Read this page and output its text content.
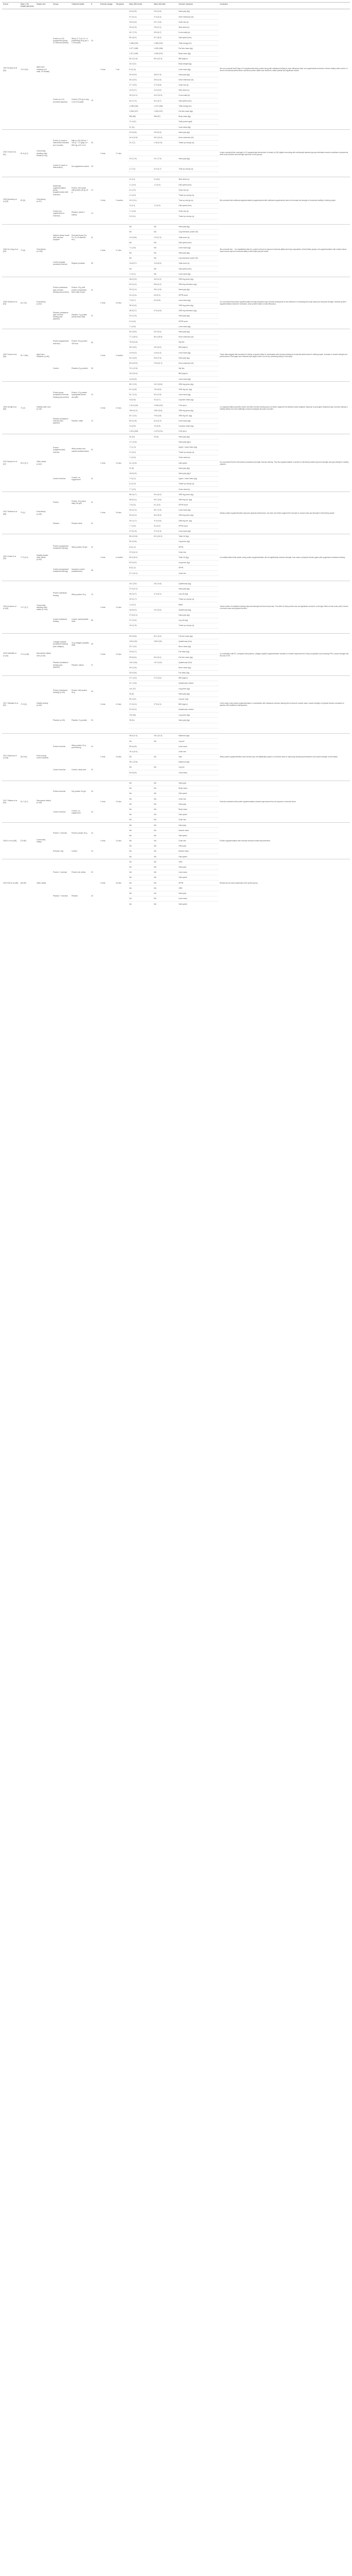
Source	Mean ± SD (range) age (year)	Sample size	Groups	Treatment details	N	Exercise dosage	Timepoints	Mean (SD) before	Mean (SD) after	Outcome measures	Conclusion
1997 Armsey et al. [50]	70.2 (3.6)	Aged care residents (19 male, 32 female)	Protein (n=13) (supplement group, 12 received protein)	Whey (7-7) to 1.0 x 2 protein/day 80 g (as 4 1.00 kcal/d)	15	3 x/wk	1 wk	34.6 (3.8)	34.9 (3.6)	Hand grip (kg)	We can conclude that 8 days of 3 supplemental whey protein along with resistance training is more efficacious than non-supplemented exercise in these healthy older women. In terms of functional performance outcomes protein intake was needed to obtain optimal and significant results.
								27.3 (4.1)	27.8 (4.4)	Knee extension (N)	
								29.6 (3.3)	29.7 (3.5)	Chair rise (s)	
								15.0 (1.5)	15.9 (2.1)	Stair climb (s)	
								40.7 (7.9)	39.9 (6.7)	6-min walk (m)	
								55.4 (8.1)	57.4 (8.3)	Gait speed (m/s)	
								1,366 (193)	1,380 (210)	Total energy (kJ)	
								1,577 (188)	1,592 (168)	Fat free mass (kg)	
								1,071 (189)	1,090 (201)	Body mass (kg)	
								80.4 (11.5)	80.4 (12.3)	BMI (kg/m²)	
								40.2 (12)		Body weight (kg)	
								6.9 (1.8)		Lean mass (kg)	
			Control (n=12) (received placebo)	Control (700 g) on day 3 (10 10 kcal/d)	15			29.9 (9.0)	28.8 (7.6)	Hand grip (kg)	
								26.2 (6.3)	25.6 (4.9)	Knee extension (N)	
								27.7 (5.3)	27.9 (5.8)	Chair rise (s)	
								13.3 (3.7)	13.0 (3.0)	Stair climb (s)	
								40.9 (12.1)	42.0 (10.2)	6-min walk (m)	
								52.2 (7.0)	52.4 (6.7)	Gait speed (m/s)	
								1,186 (196)	1,197 (186)	Total energy (kJ)	
								1,526 (157)	1,525 (157)	Fat free mass (kg)	
								985 (88)	983 (87)	Body mass (kg)	
								71.4 (41)		Total protein (g/d)	
								21 (11)		Lean mass (kg)	
2002 Chinn et al. [51]	81.6 (4.2)	Community-dwelling older female (n=66)	Protein (1 week of intervention followed by 6 months)	Milk (n=33) 400 mL + 100 g + 1.0 g/kg Ca + 800 mg vit D 3 x/d	33	3 x/wk	17 wks	16.9 (5.6)	18.9 (6.3)	Hand grip (kg)	It was concluded that a strength of 12 supplemental intervention in female (n=33) eligible exercising with nutritionally balanced groups eliminates several constituent components while body functions and strength improved in both groups.
								44.0 (14.5)	46.3 (14.6)	Knee extension (N)	
								21.2 (7)	1.30 (0.21)	Timed up and go (s)	

			Control (1 week of intervention)	No supplement control	33			19.2 (7.6)	19.7 (7.9)	Hand grip (kg)	

								1.17 (2)	21.5 (4.7)	Time up and go (s)	

2003 Bonnefoy et al. [52]	83 (5)	Frail elderly (n=57)	Nutritional supplementation group (supplemented with exercise)	Protein: 400 kcal/d milk protein (45 g) 15 g	14	3 x/wk	9 months	11 (4.1)	11 (5.0)	Stair climb (s)	We conclude that nutritional supplementation (supplemented with nutritional supplements) does not increase the strength or functional mobility of elderly people.
								1.1 (0.3)	1.2 (0.4)	Gait speed (m/s)	
								6.1 (2.2)		Chair rise (s)	
								4.1 (3.0)		Timed up and go (s)	
								10.2 (3.1)		Time up and go (s)	
			Control (no supplement no exercise)	Placebo: (drink 0 kcal/d)	14			11 (4.1)	1.2 (0.3)	Gait speed (m/s)	
								7.1 (2.5)		Chair rise (s)	
								3.9 (3.1)		Timed up and go (s)	

2004 De Jong et al. [53]	79 (6)	Frail elderly (n=159)	Nutrient dense foods with exercise program	Enriched foods (Ca, Fe, Zn, B vitamins etc.)	41	2 x/wk	17 wks	NA	NA	Hand grip (kg)	We conclude that ... It is established that it is a safe food form to improve functional ability and body composition of frail elderly people, but supplementation with nutrient dense foods cannot improve functional ability of frail elderly people further.
								NA	NA	Leg extension power (W)	
								13.0 (8.8)	12.5 (7.9)	Total score (s)	
								NA	NA	Gait speed (m/s)	
								7.1 (2.5)	NA	Lean mass (kg)	
			Control (regular products) exercise	Regular products	39			NA	NA	Hand grip (kg)	
								NA	NA	Leg extension power (W)	
								13.8 (9.7)	12.8 (8.3)	Total score (s)	
								NA	NA	Gait speed (m/s)	
								7.2 (2.1)	NA	Lean mass (kg)	
2006 Tieland et al. [54]	[11-111]	Frail elderly (n=62)	Protein (resistance type exercise training plus protein)	Protein: 15 g milk protein concentrate twice daily 30 g/d	31	2 x/wk	24 wks	45.6 (3.9)	49.9 (4.2)	1RM leg press (kg)	It is concluded that protein supplementation during resistance type exercise training that is very effective in increasing lean body mass and muscular strength, whereas protein supplementation should be increased, since protein intake is most efficacious.
								54.3 (4.2)	58.6 (4.2)	1RM leg extension (kg)	
								25.3 (2.1)	28.1 (2.6)	Hand grip (kg)	
								10.4 (0.4)	8.8 (0.2)	SPPB score	
								7.6 (0.7)	8.9 (0.8)	Lean mass (kg)	
			Placebo (resistance type exercise training plus placebo)	Placebo: 0 g protein (drink) twice daily	31			38.3 (3.4)		1RM leg press (kg)	
								45.8 (3.7)	47.6 (4.8)	1RM leg extension (kg)	
								23.2 (1.9)		Hand grip (kg)	
								9.0 (0.5)		SPPB score	
								7.2 (0.6)		Lean mass (kg)	
2007 Dorner et al. [55]	81.7 (NA)	Aged care residents (n=56)	Protein (supplement, exercise)	Protein: 30 g protein 400 kcal	28	3 x/wk	3 months	53.2 (8.9)	54.3 (9.4)	Hand grip (kg)	These data suggest that increased 16 weeks of protein intake in combination with exercise training for functional performance in elderly people. Increase in muscle strength and performance in frail aged care residents with higher levels, but not by combining elderly in this study.
								77.2 (25.1)	80.4 (25.5)	Knee extension (N)	
								75.5 (14.6)		Hip flex	
								48.2 (8.4)	49.3 (8.2)	BMI (kg/m²)	
								14.9 (4.2)	14.5 (4.3)	Lean mass (kg)	
			Control	Placebo (0 g protein)	28			54.1 (6.9)	53.9 (7.6)	Hand grip (kg)	
								80.5 (23.0)	79.8 (22.7)	Knee extension (N)	
								70.1 (12.5)		Hip flex	
								43.9 (13.0)		BMI (kg/m²)	
								14.8 (4.6)		Lean mass (kg)	
2009 Verdijk et al. [56]	72 (2)	Healthy older men (n=26)	Protein group (resistance exercise training plus protein)	Protein: 10 g casein hydrolysate before and after	13	3 x/wk	12 wks	98.7 (3.9)	121.9 (5.8)	1RM leg press (kg)	Co-supplementation (protein) before and after exercise training does not further augment the skeletal muscle adaptive response to prolonged resistance type exercise training in healthy elderly men who habitually consume adequate amounts of protein.
								61.0 (3.8)	78.4 (5.5)	1RM leg ext. (kg)	
								61.7 (2.3)	62.0 (2.5)	Lean mass (kg)	
								4.8 (0.6)	5.0 (0.7)	Leg lean mass (kg)	
								1,013 (144)	1,006 (142)	CSA (cm²)	
			Placebo (resistance exercise plus placebo)	Placebo: water	13			105.6 (4.2)	128.0 (5.6)	1RM leg press (kg)	
								62.7 (3.2)	79.6 (3.8)	1RM leg ext. (kg)	
								60.9 (1.8)	61.8 (1.9)	Lean mass (kg)	
								4.6 (0.5)	4.9 (0.5)	Leg lean mass (kg)	
								1,014 (183)	1,073 (211)	CSA (cm²)	
2012 Bunout et al. [57]	69.2 (6.7)	Older adults (n=62)	Protein (supplemented) exercise	Whey protein and calcium fortified drinks	31	2 x/wk	12 wks	32 (10)	33 (9)	Hand grip (kg)	It is concluded that the intervention (resistance) strength exercise training. This has supplementation of protein in frail elderly adults improved strength and grip strength in healthy subjects.
								17.1 (4.6)		Hand grip (kg) 2	
								7.1 (1.3)		Upper / lower limbs (kg)	
								3.1 (2.0)		Timed up and go (s)	
								7.4 (3.3)		Chair stand (n)	
								21.2 (4.5)		Gait speed	
			Control exercise	Control: no supplement	31			31 (9)		Hand grip (kg)	
								15.8 (4.5)		Hand grip (kg) 2	
								7.0 (1.4)		Upper / lower limbs (kg)	
								3.2 (1.9)		Timed up and go (s)	
								7.7 (4.0)		Chair stand (n)	
2012 Tieland et al. [58]	79 (1)	Frail elderly (n=65)	Protein	Protein: 15 g twice daily (30 g/d)	31	2 x/wk	24 wks	68.0 (4.7)	90.4 (6.2)	1RM leg press (kg)	Dietary protein supplementation improves physical performance, but does not further augment the increase in muscle mass and strength in frail elderly people.
								36.8 (3.1)	53.7 (3.8)	1RM leg ext. (kg)	
								7.5 (0.4)	8.1 (0.4)	SPPB score	
								49.4 (1.4)	50.7 (1.5)	Lean mass (kg)	
			Placebo	Placebo drink	31			63.5 (4.0)	84.0 (5.3)	1RM leg press (kg)	
								34.2 (2.7)	47.6 (3.6)	1RM leg ext. (kg)	
								7.7 (0.5)	8.3 (0.4)	SPPB score	
								47.8 (1.5)	47.5 (1.5)	Lean mass (kg)	
2013 Chale et al. [59]	77.9 (4.0)	Mobility-limited older adults (n=80)	Protein (progressive resistance training)	Whey protein 40 g/d	42	3 x/wk	6 months	58.4 (15.6)	62.4 (16.3)	Total LM (kg)	In mobility-limited older adults, whey protein supplementation did not significantly enhance strength, lean mass or physical function gains with progressive resistance training.
								50.4 (9.6)		Leg press (kg)	
								8.6 (1.4)		SPPB	
								37.5 (10.1)		Chair rise	
								59.4 (15.1)		Total LM (kg)	
			Control (progressive resistance training)	Isocaloric control (maltodextrin)	38			53.0 (9.2)		Leg press (kg)	
								8.8 (1.4)		SPPB	
								37.1 (10.1)		Chair rise	

2014 Arnarson et al. [60]	73.7 (5.7)	Community-dwelling older adults (n=161)	Protein resistance training	Whey protein 20 g	75	3 x/wk	12 wks	16.1 (3.9)	18.1 (4.8)	Quadriceps (kg)	Twelve weeks of resistance training improved strength and lean body mass. The effect of whey protein was not significant except for a stronger effect on lean mass (LM) in terms of muscle mass and physical function.
								27.5 (12.1)		Hand grip (kg)	
								45.2 (9.7)	47.6 (9.1)	Leg LM (kg)	
								15.3 (1.7)		Timed up and go (s)	
								1.0 (0.2)		6MW	
			Control resistance training	Control: carbohydrate drink	86			16.8 (4.0)	19.2 (5.4)	Quadriceps (kg)	
								27.8 (12.1)		Hand grip (kg)	
								47.2 (9.4)		Leg LM (kg)	
								15.4 (1.8)		Timed up and go (s)	

2015 Zdzieblik et al. [61]	72.2 (4.68)	Sarcopenic elderly men (n=53)	Collagen peptide (resistance training plus collagen)	15 g collagen peptides daily	26	3 x/wk	12 wks	59.9 (5.8)	62.1 (6.2)	Fat free mass (kg)	In combination with RT, compared with placebo, collagen peptide supplementation resulted in a further improvement of body composition by increasing FFM, muscle strength and the loss in FM.
								139.6 (30)	155.9 (29)	Quadriceps (Nm)	
								25.7 (3.4)		Bone mass (kg)	
								19.8 (3.7)		Fat mass (kg)	
			Placebo (resistance training plus placebo)	Placebo: silicea	27			59.8 (6.4)	60.4 (6.1)	Fat free mass (kg)	
								134.3 (26)	147.0 (24)	Quadriceps (Nm)	
								25.2 (3.6)		Bone mass (kg)	
								20.5 (3.6)		Fat mass (kg)	
2017 Ottestad et al. [62]	72.3 (5)	Healthy elderly (n=60)	Protein (resistance training) (n=30)	Protein: milk protein 30 g	30	3 x/wk	12 wks	27.1 (3.0)	27.3 (3.0)	BMI (kg/m²)	In this study, whey protein supplementation in combination with resistance exercise training did not improve muscle mass, muscle strength or physical function compared to placebo with resistance training alone.
								21.7 (4.6)		Quadriceps volume	
								141 (37)		Leg press (kg)	
								36 (9)		Hand grip (kg)	
								95.4 (22)		Leg ext. (kg)	
								27.5 (4.0)	27.8 (4.1)	BMI (kg/m²)	
			Placebo (n=30)	Placebo: 0 g protein	30			22.6 (5.1)		Quadriceps volume	
								132 (36)		Leg press (kg)	
								35 (11)		Hand grip (kg)	

2017 Fiatarone et al. [63]	[92-151]	Frail nursing home residents	Protein exercise	Whey protein 20 g post training	24	2 x/wk	10 wks	36.8 (11.4)	39.4 (12.3)	Maximum grip	Whey protein supplementation with exercise was not statistically superior to exercise alone in improving functional performance and muscle strength of frail elderly.
								NA	NA	Leg ext.	
								55.5 (6.8)		Lean mass	
								76.4 (10.0)		Chair rise	
								NA	NA	Gait	
			Control exercise	Control: usual care	24			35.1 (13.5)		Maximum grip	
								NA	NA	Leg ext.	
								53.9 (5.9)		Lean mass	

2017 Shahar et al. [64]	61.7 (5.1)	Sarcopenic elderly (n=65)	Protein exercise	Soy protein 40 g/d	16	2 x/wk	12 wks	NA	NA	Hand grip	Exercise combined with protein supplementation showed improvement but not superior to exercise alone.
								NA	NA	Body mass	
								NA	NA	Gait speed	
								NA	NA	Chair rise	
			Control exercise	Control: no supplement	16			NA	NA	Hand grip	
								NA	NA	Body mass	
								NA	NA	Gait speed	
								NA	NA	Chair rise	
2018 Li et al. [65]	[70-80]	Community elderly	Protein + exercise	Protein powder 30 g	24	3 x/wk	12 wks	NA	NA	Hand grip	Protein supplementation with exercise showed modest improvements.
								NA	NA	Muscle mass	
								NA	NA	Gait speed	
								NA	NA	Chair rise	
			Exercise only	Control	24			NA	NA	Hand grip	
								NA	NA	Muscle mass	
								NA	NA	Gait speed	
2019 Kirk et al. [66]	[60-89]	Older adults	Protein + exercise	Protein rich drinks	20	3 x/wk	16 wks	NA	NA	1RM	Results did not show superiority of the protein group.
								NA	NA	Hand grip	
								NA	NA	Lean mass	
								NA	NA	Gait speed	
								NA	NA	SPPB	
			Placebo + exercise	Placebo	20			NA	NA	1RM	
								NA	NA	Hand grip	
								NA	NA	Lean mass	
								NA	NA	Gait speed	
